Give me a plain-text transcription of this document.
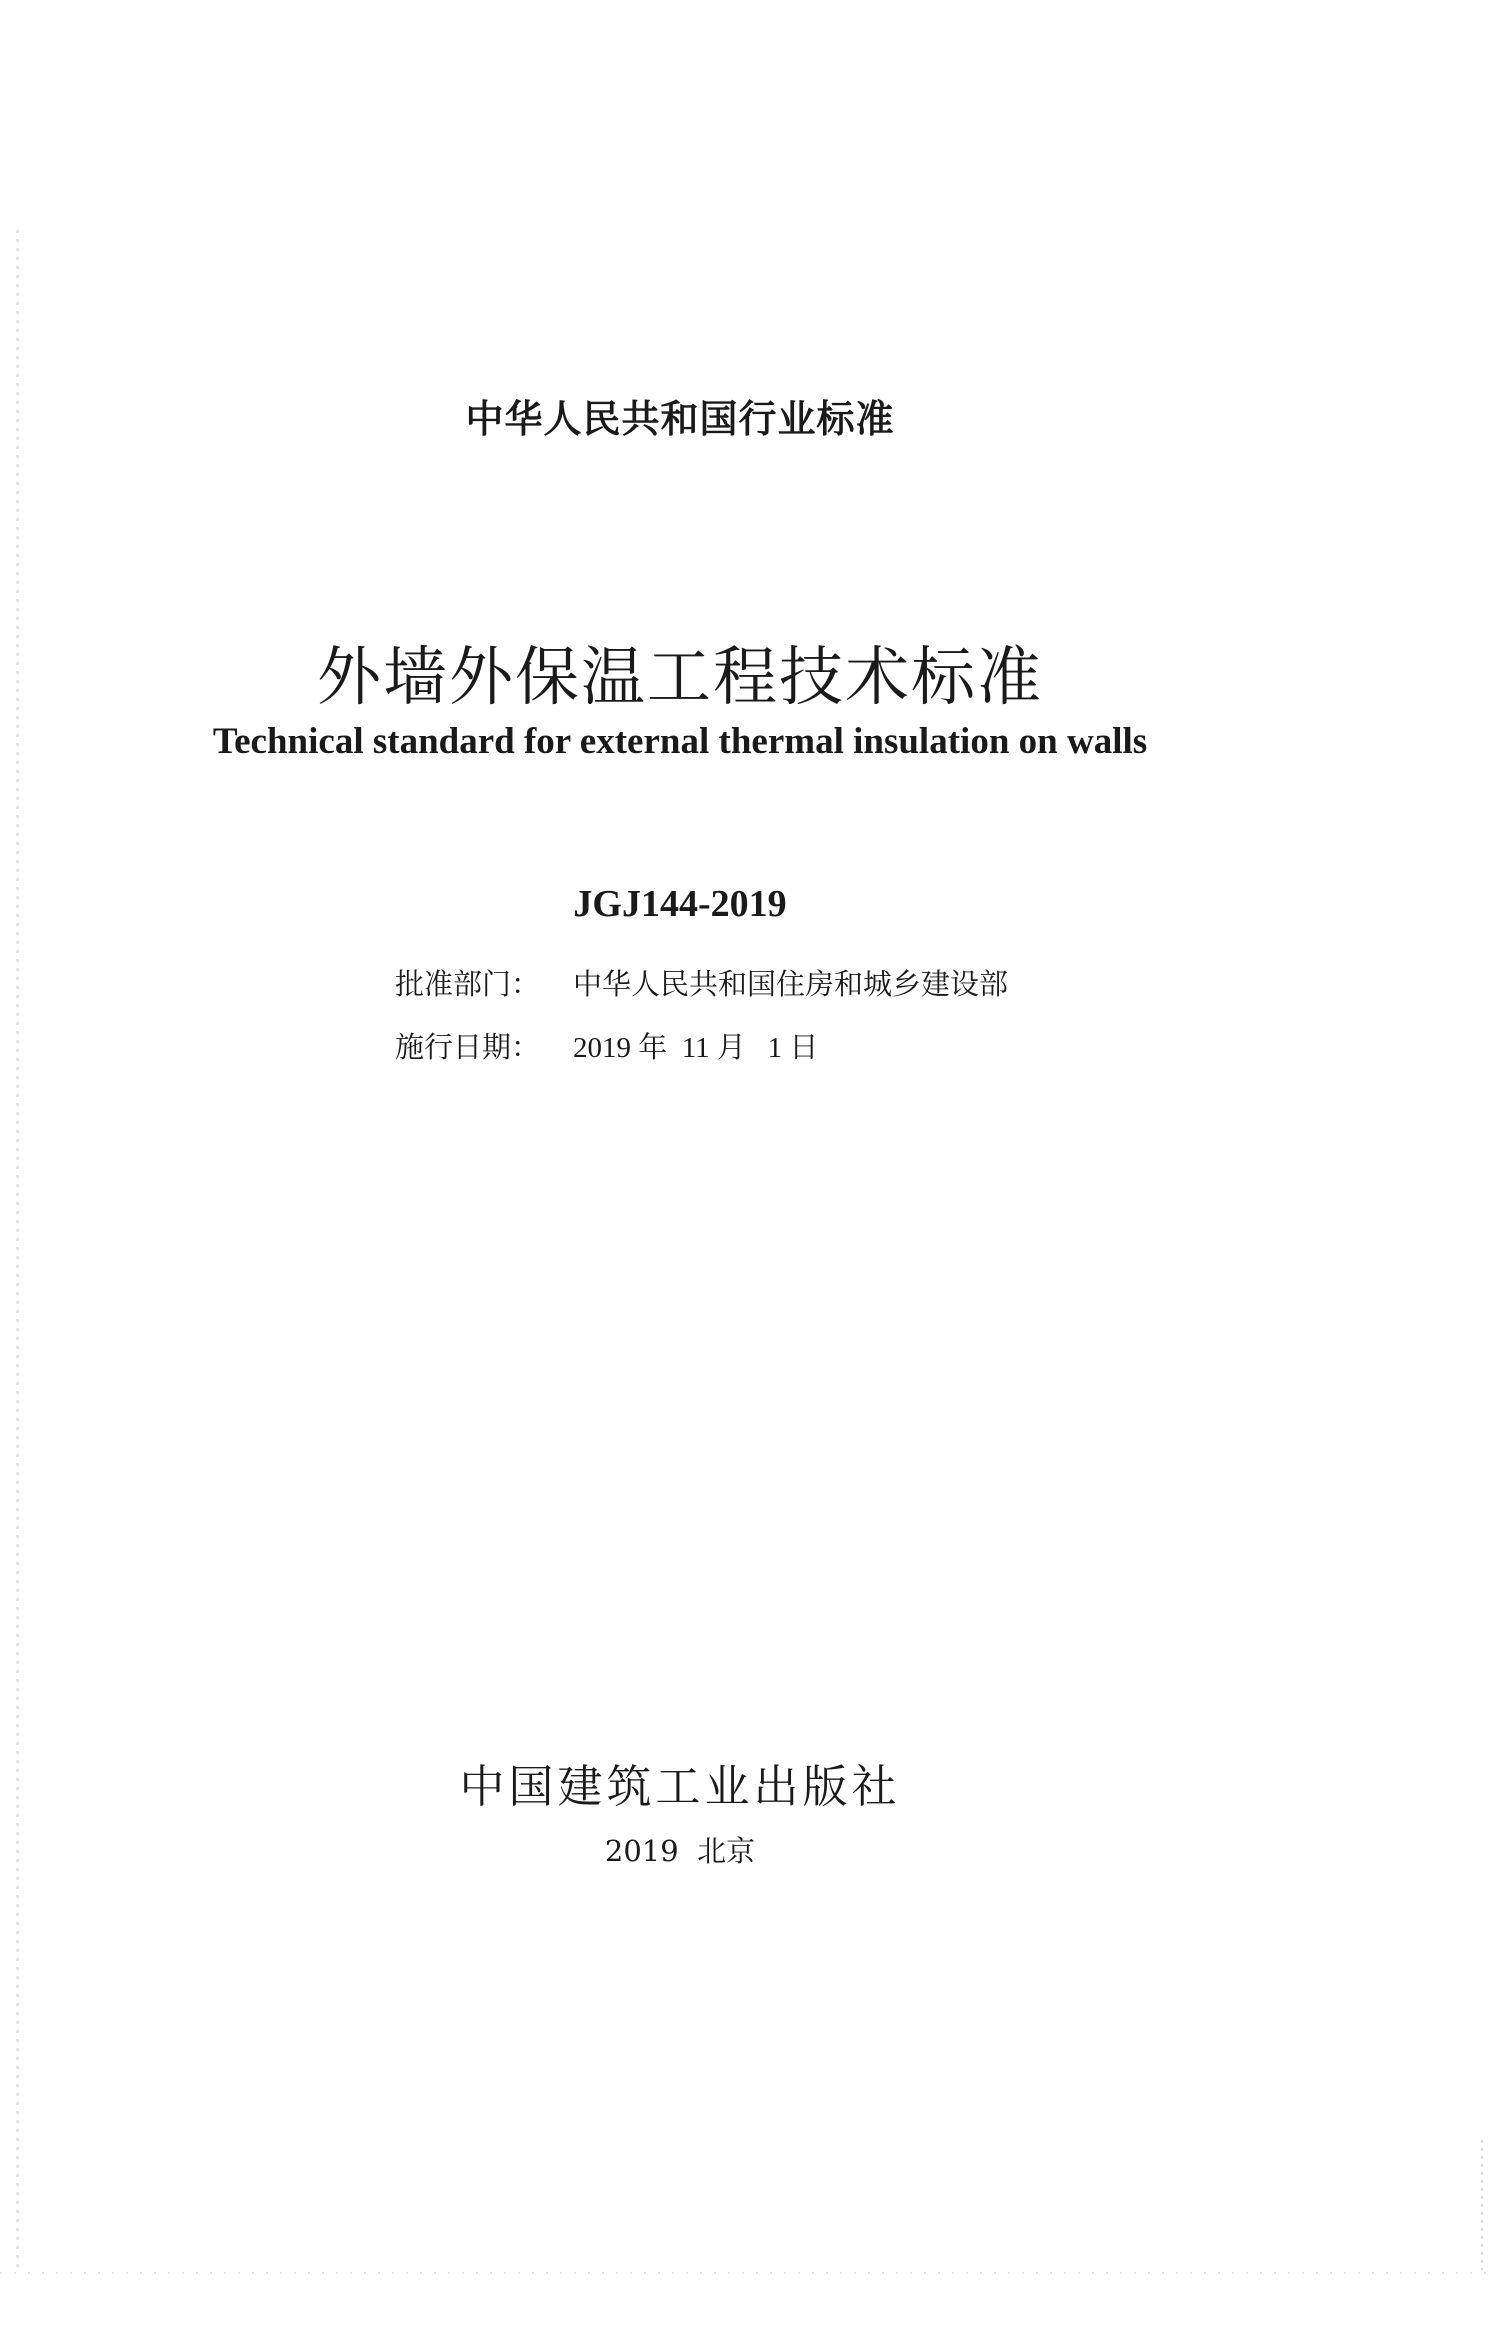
中华人民共和国行业标准
外墙外保温工程技术标准
Technical standard for external thermal insulation on walls
JGJ144-2019
批准部门： 中华人民共和国住房和城乡建设部
施行日期： 2019 年  11 月   1 日
中国建筑工业出版社
2019  北京
